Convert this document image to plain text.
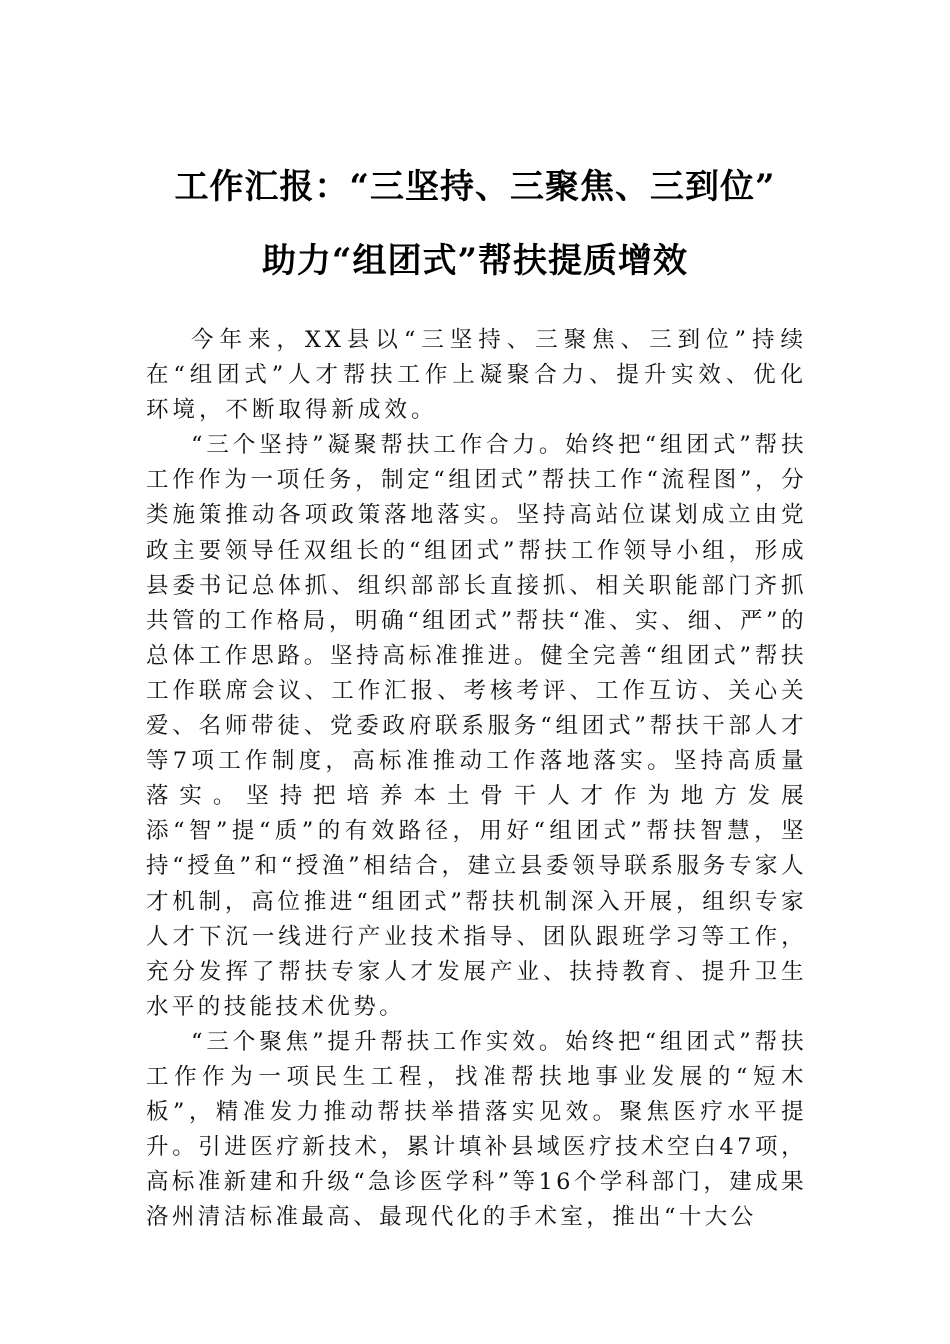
工作汇报：“三坚持、三聚焦、三到位”
助力“组团式”帮扶提质增效

今年来，XX县以“三坚持、三聚焦、三到位”持续在“组团式”人才帮扶工作上凝聚合力、提升实效、优化环境，不断取得新成效。

“三个坚持”凝聚帮扶工作合力。始终把“组团式”帮扶工作作为一项任务，制定“组团式”帮扶工作“流程图”，分类施策推动各项政策落地落实。坚持高站位谋划成立由党政主要领导任双组长的“组团式”帮扶工作领导小组，形成县委书记总体抓、组织部部长直接抓、相关职能部门齐抓共管的工作格局，明确“组团式”帮扶“准、实、细、严”的总体工作思路。坚持高标准推进。健全完善“组团式”帮扶工作联席会议、工作汇报、考核考评、工作互访、关心关爱、名师带徒、党委政府联系服务“组团式”帮扶干部人才等7项工作制度，高标准推动工作落地落实。坚持高质量落实。坚持把培养本土骨干人才作为地方发展添“智”提“质”的有效路径，用好“组团式”帮扶智慧，坚持“授鱼”和“授渔”相结合，建立县委领导联系服务专家人才机制，高位推进“组团式”帮扶机制深入开展，组织专家人才下沉一线进行产业技术指导、团队跟班学习等工作，充分发挥了帮扶专家人才发展产业、扶持教育、提升卫生水平的技能技术优势。

“三个聚焦”提升帮扶工作实效。始终把“组团式”帮扶工作作为一项民生工程，找准帮扶地事业发展的“短木板”，精准发力推动帮扶举措落实见效。聚焦医疗水平提升。引进医疗新技术，累计填补县域医疗技术空白47项，高标准新建和升级“急诊医学科”等16个学科部门，建成果洛州清洁标准最高、最现代化的手术室，推出“十大公
